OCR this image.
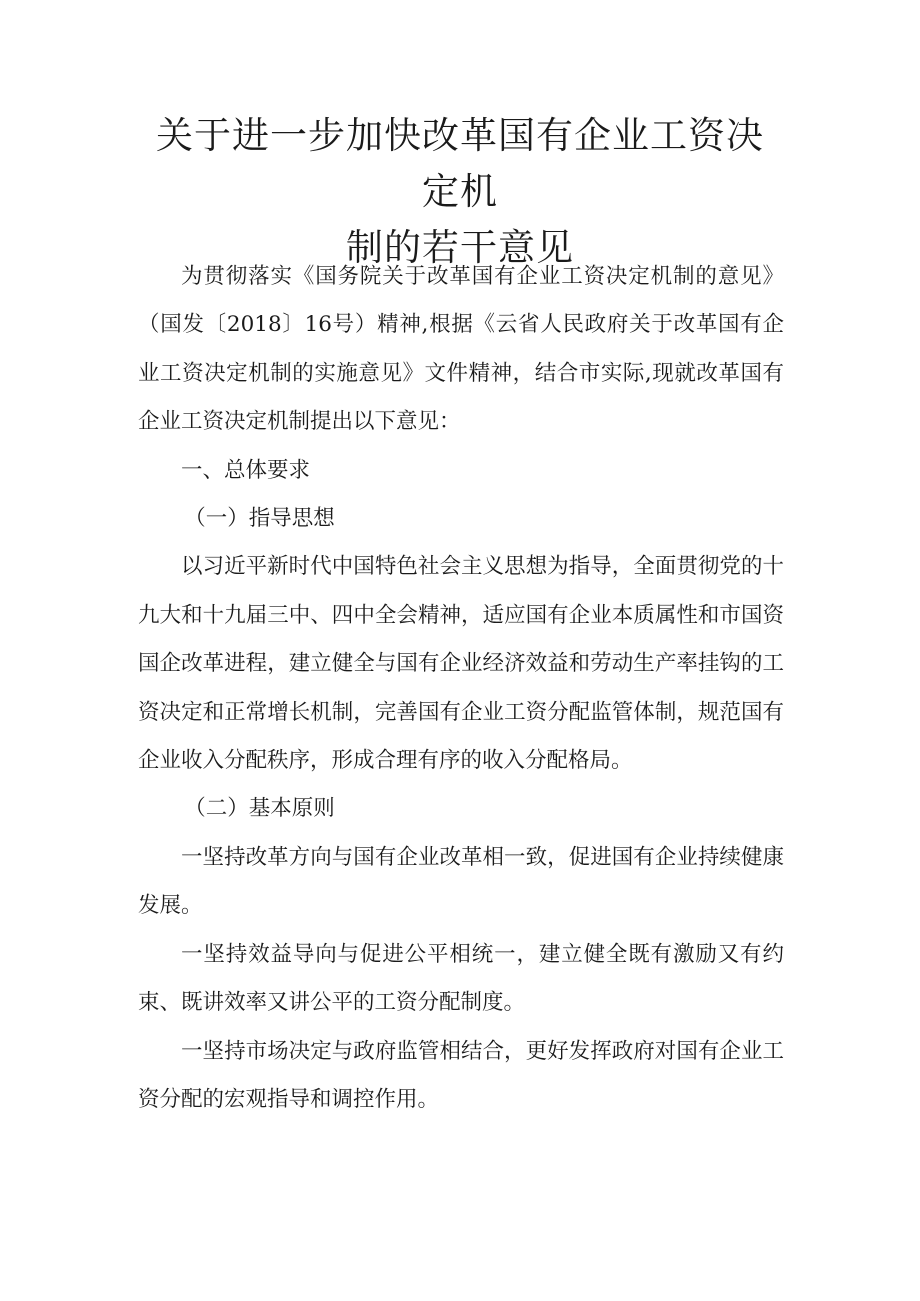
关于进一步加快改革国有企业工资决定机
制的若干意见

为贯彻落实《国务院关于改革国有企业工资决定机制的意见》（国发〔2018〕16号）精神,根据《云省人民政府关于改革国有企业工资决定机制的实施意见》文件精神，结合市实际,现就改革国有企业工资决定机制提出以下意见：

一、总体要求

（一）指导思想

以习近平新时代中国特色社会主义思想为指导，全面贯彻党的十九大和十九届三中、四中全会精神，适应国有企业本质属性和市国资国企改革进程，建立健全与国有企业经济效益和劳动生产率挂钩的工资决定和正常增长机制，完善国有企业工资分配监管体制，规范国有企业收入分配秩序，形成合理有序的收入分配格局。

（二）基本原则

一坚持改革方向与国有企业改革相一致，促进国有企业持续健康发展。

一坚持效益导向与促进公平相统一，建立健全既有激励又有约束、既讲效率又讲公平的工资分配制度。

一坚持市场决定与政府监管相结合，更好发挥政府对国有企业工资分配的宏观指导和调控作用。
